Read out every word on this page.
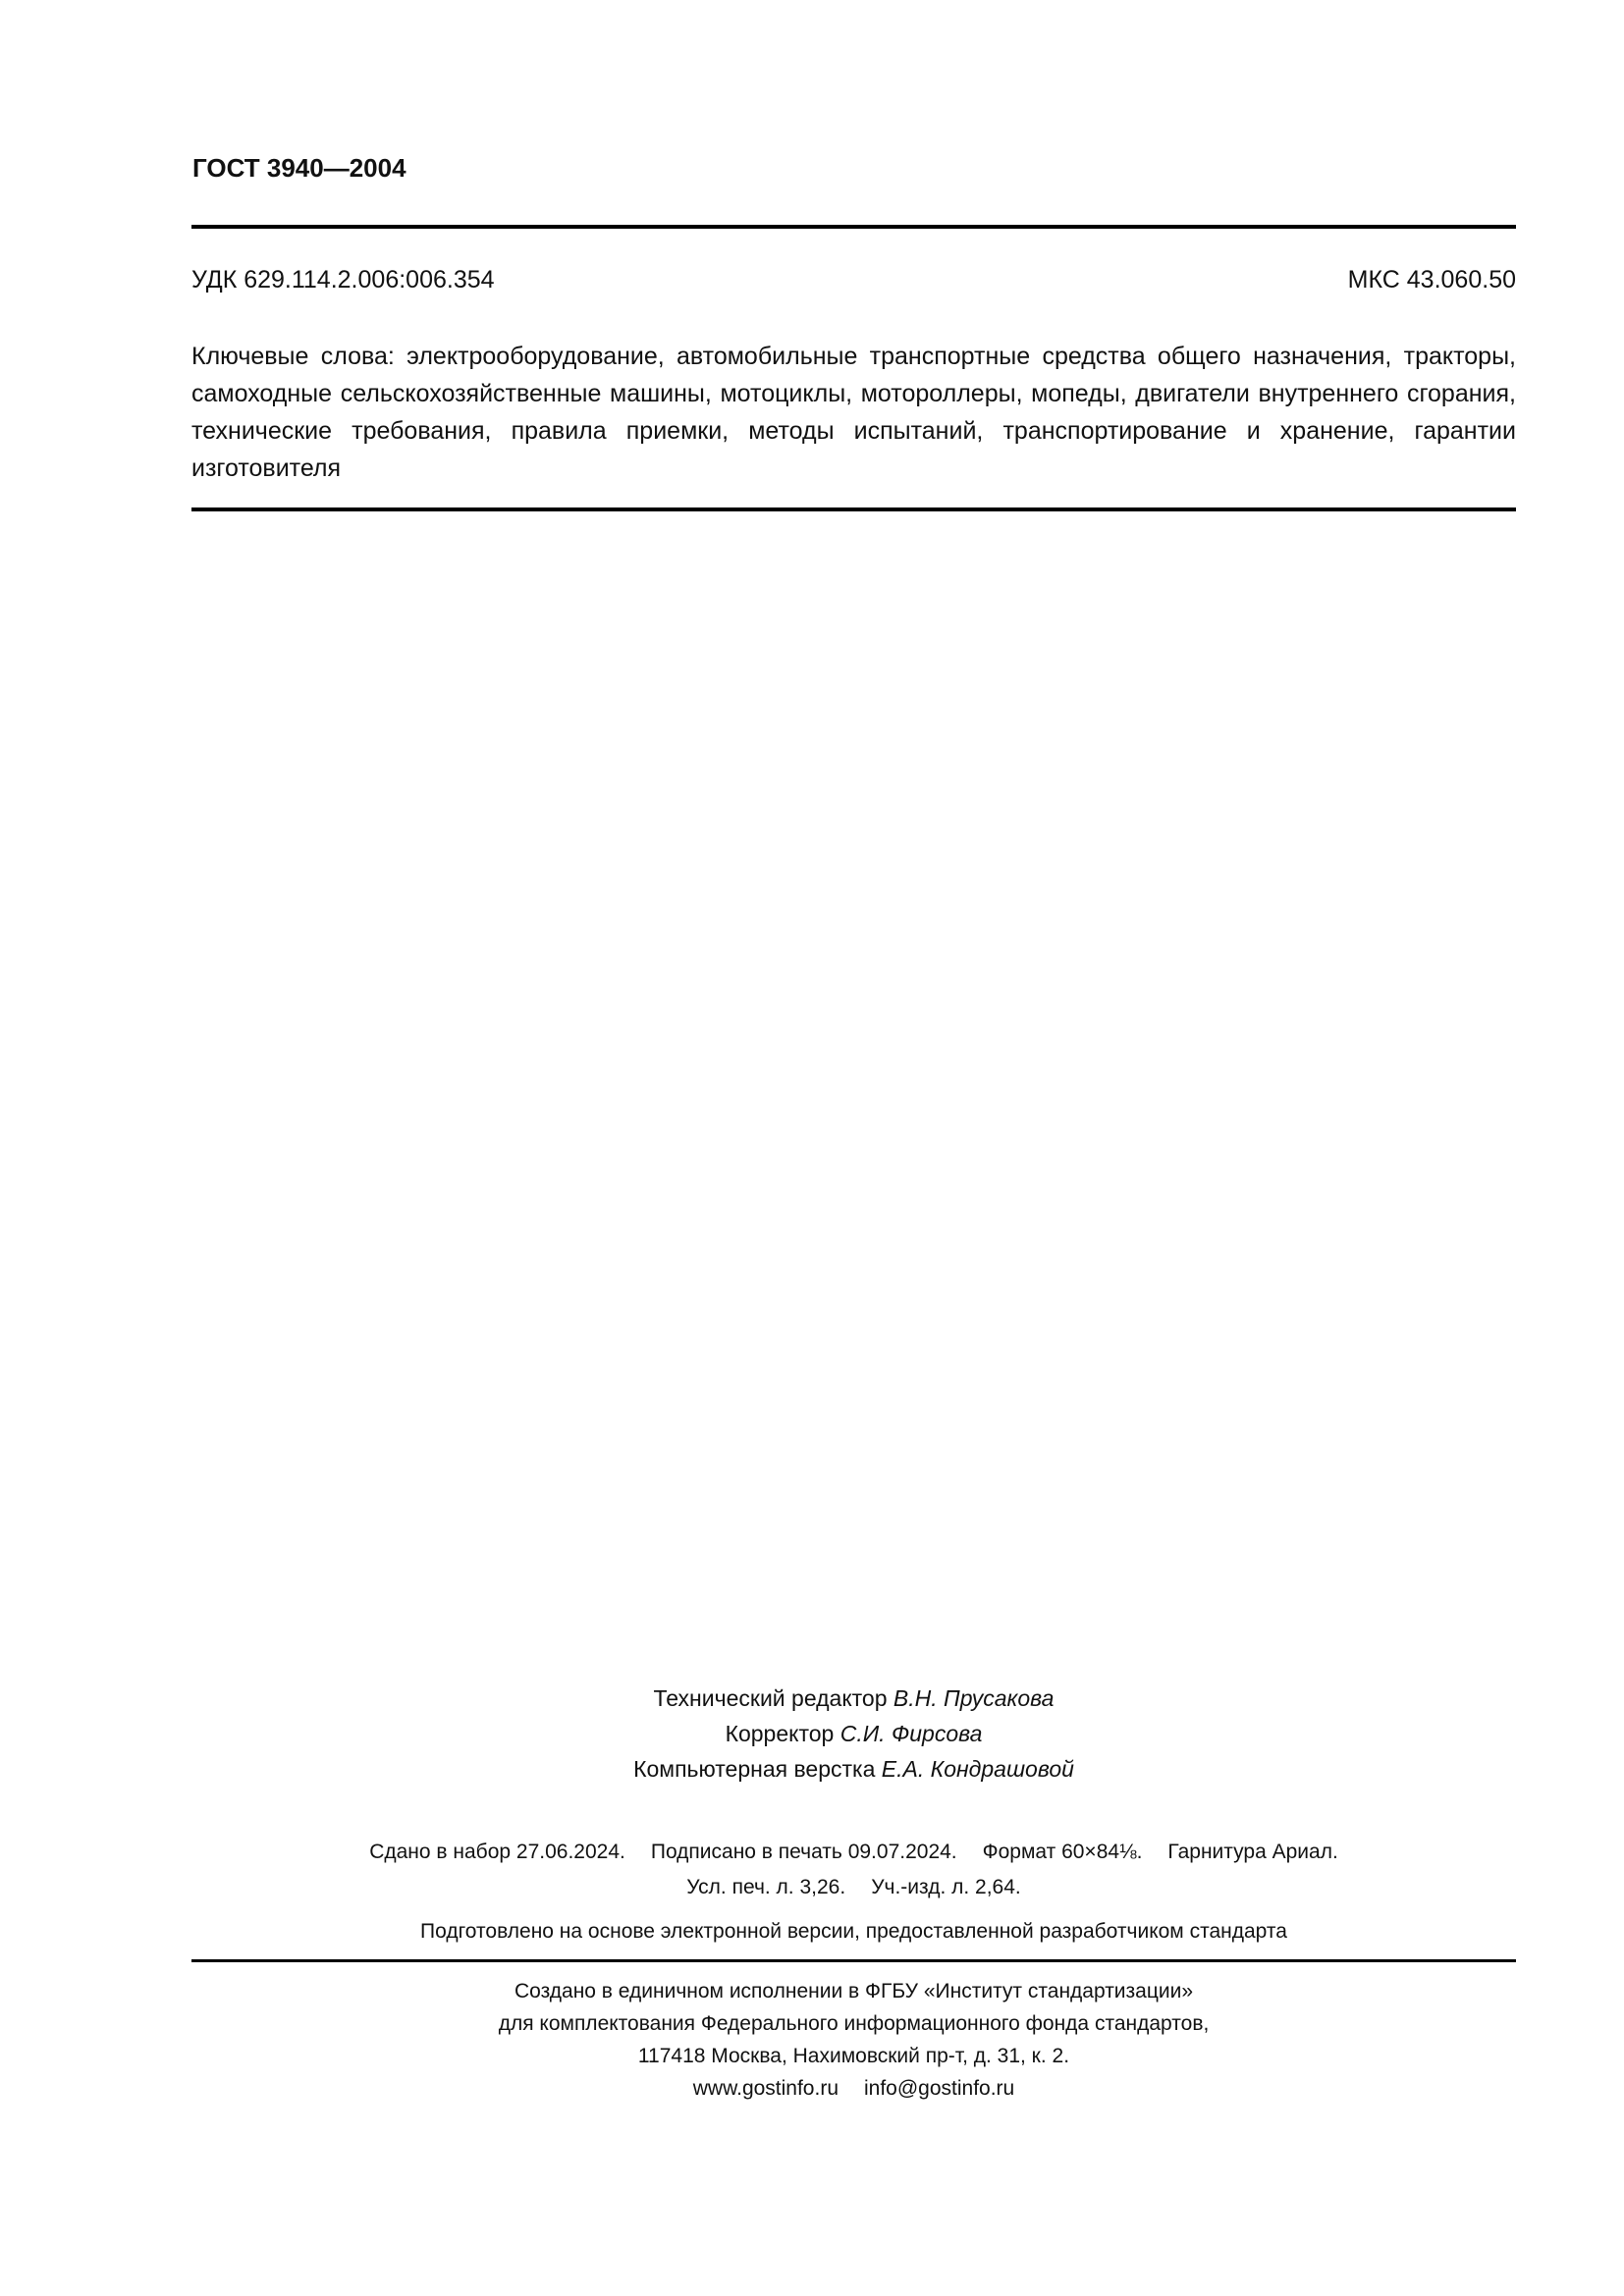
ГОСТ 3940—2004
УДК 629.114.2.006:006.354	МКС 43.060.50
Ключевые слова: электрооборудование, автомобильные транспортные средства общего назначения, тракторы, самоходные сельскохозяйственные машины, мотоциклы, мотороллеры, мопеды, двигатели внутреннего сгорания, технические требования, правила приемки, методы испытаний, транспортирование и хранение, гарантии изготовителя
Технический редактор В.Н. Прусакова
Корректор С.И. Фирсова
Компьютерная верстка Е.А. Кондрашовой
Сдано в набор 27.06.2024. Подписано в печать 09.07.2024. Формат 60×84⅛. Гарнитура Ариал.
Усл. печ. л. 3,26. Уч.-изд. л. 2,64.
Подготовлено на основе электронной версии, предоставленной разработчиком стандарта
Создано в единичном исполнении в ФГБУ «Институт стандартизации»
для комплектования Федерального информационного фонда стандартов,
117418 Москва, Нахимовский пр-т, д. 31, к. 2.
www.gostinfo.ru info@gostinfo.ru
